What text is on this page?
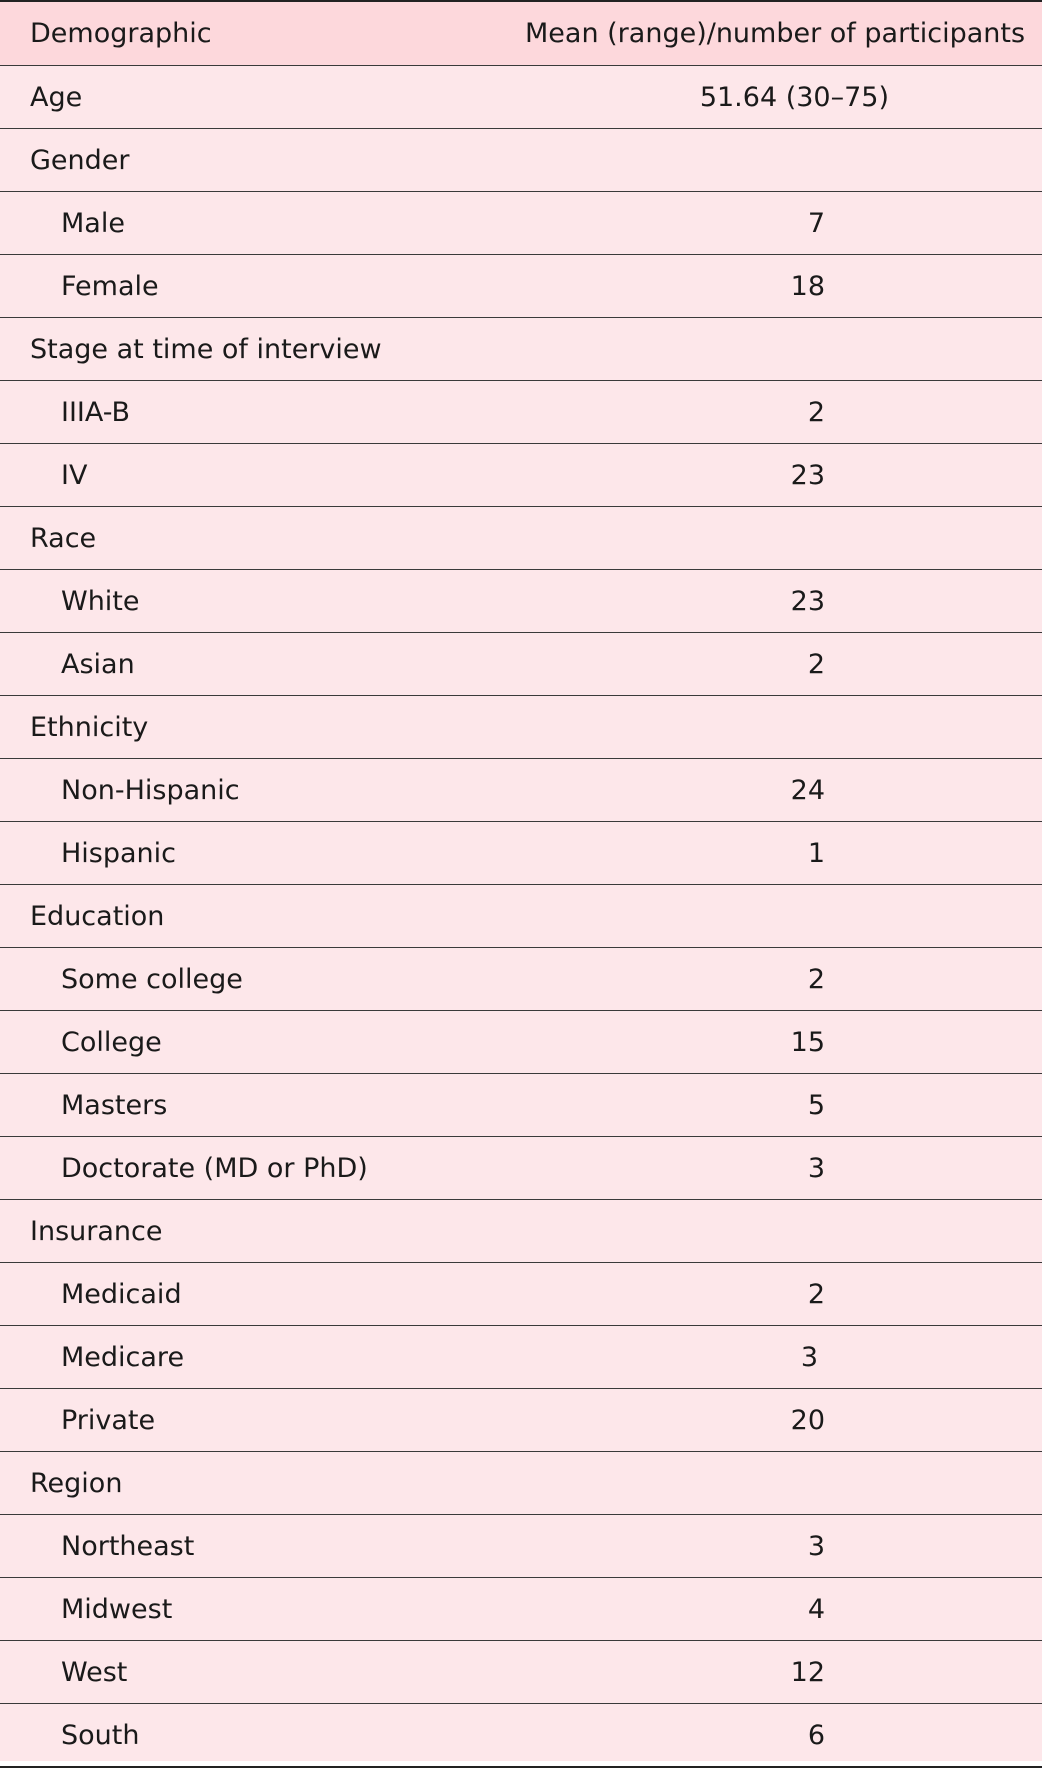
Demographic	Mean (range)/number of participants
Age	51.64 (30–75)
Gender
Male	7
Female	18
Stage at time of interview
IIIA-B	2
IV	23
Race
White	23
Asian	2
Ethnicity
Non-Hispanic	24
Hispanic	1
Education
Some college	2
College	15
Masters	5
Doctorate (MD or PhD)	3
Insurance
Medicaid	2
Medicare	3
Private	20
Region
Northeast	3
Midwest	4
West	12
South	6
